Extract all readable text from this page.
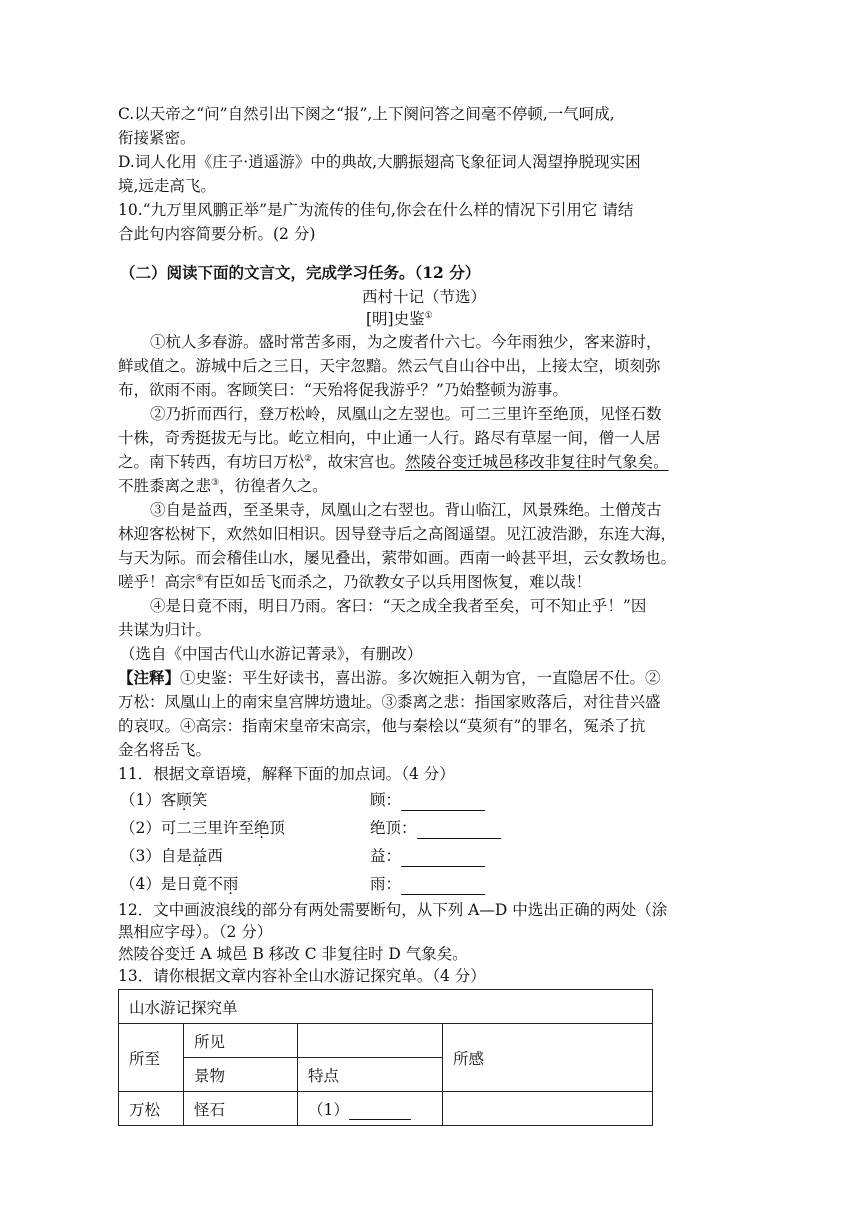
C.以天帝之“问”自然引出下阕之“报”,上下阕问答之间毫不停顿,一气呵成,
衔接紧密。
D.词人化用《庄子·逍遥游》中的典故,大鹏振翅高飞象征词人渴望挣脱现实困
境,远走高飞。
10.“九万里风鹏正举”是广为流传的佳句,你会在什么样的情况下引用它 请结
合此句内容简要分析。(2 分)
（二）阅读下面的文言文，完成学习任务。（12 分）
西村十记（节选）
[明]史鉴①
①杭人多春游。盛时常苦多雨，为之废者什六七。今年雨独少，客来游时，
鲜或值之。游城中后之三日，天宇忽黯。然云气自山谷中出，上接太空，顷刻弥
布，欲雨不雨。客顾笑曰：“天殆将促我游乎？”乃始整顿为游事。
②乃折而西行，登万松岭，凤凰山之左翌也。可二三里许至绝顶，见怪石数
十株，奇秀挺拔无与比。屹立相向，中止通一人行。路尽有草屋一间，僧一人居
之。南下转西，有坊曰万松②，故宋宫也。然陵谷变迁城邑移改非复往时气象矣。
不胜黍离之悲③，彷徨者久之。
③自是益西，至圣果寺，凤凰山之右翌也。背山临江，风景殊绝。土僧茂古
林迎客松树下，欢然如旧相识。因导登寺后之高阁遥望。见江波浩渺，东连大海，
与天为际。而会稽佳山水，屡见叠出，萦带如画。西南一岭甚平坦，云女教场也。
嗟乎！高宗④有臣如岳飞而杀之，乃欲教女子以兵用图恢复，难以哉！
④是日竟不雨，明日乃雨。客曰：“天之成全我者至矣，可不知止乎！”因
共谋为归计。
（选自《中国古代山水游记菁录》，有删改）
【注释】①史鉴：平生好读书，喜出游。多次婉拒入朝为官，一直隐居不仕。②
万松：凤凰山上的南宋皇宫牌坊遗址。③黍离之悲：指国家败落后，对往昔兴盛
的哀叹。④高宗：指南宋皇帝宋高宗，他与秦桧以“莫须有”的罪名，冤杀了抗
金名将岳飞。
11．根据文章语境，解释下面的加点词。（4 分）
（1）客顾笑	顾：
（2）可二三里许至绝顶	绝顶：
（3）自是益西	益：
（4）是日竟不雨	雨：
12．文中画波浪线的部分有两处需要断句，从下列 A—D 中选出正确的两处（涂
黑相应字母）。（2 分）
然陵谷变迁 A 城邑 B 移改 C 非复往时 D 气象矣。
13．请你根据文章内容补全山水游记探究单。（4 分）
山水游记探究单			
所至	所见		所感
	景物	特点	
万松	怪石	（1）	
